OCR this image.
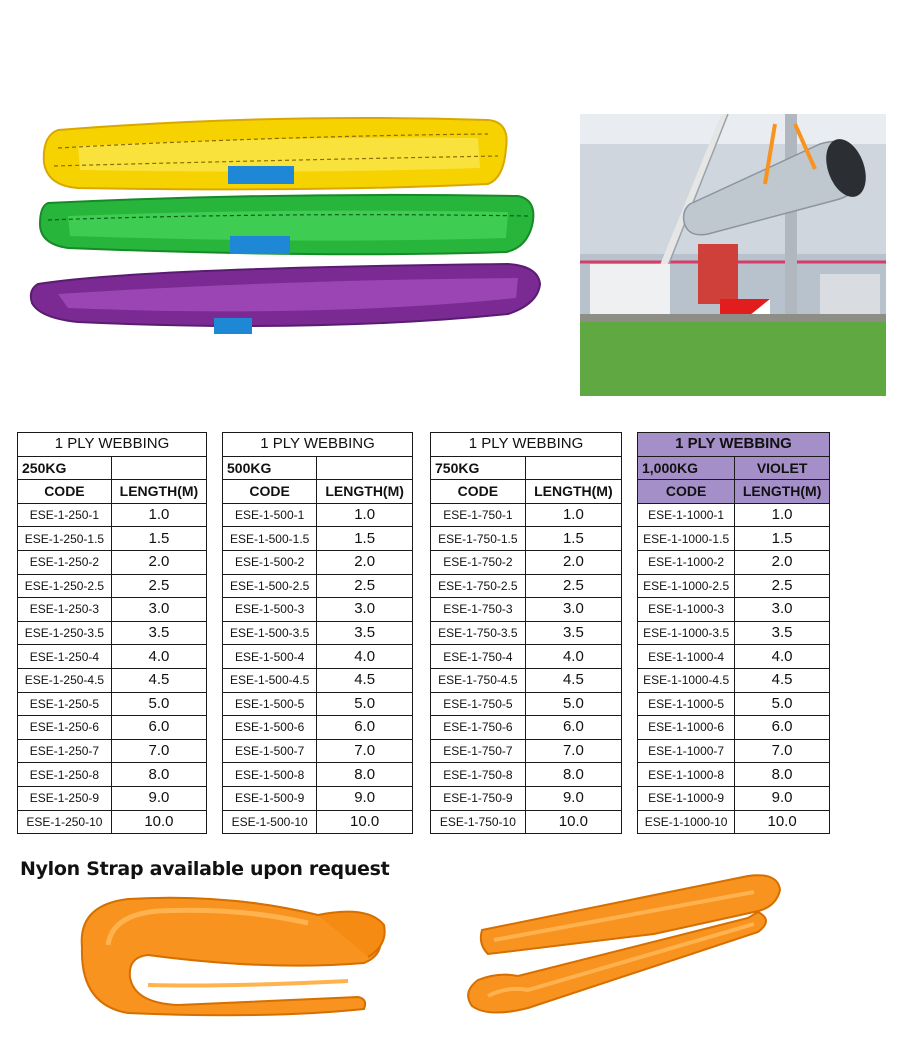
1 PLY WEBBING	
250KG	
CODE	LENGTH(M)
ESE-1-250-1	1.0
ESE-1-250-1.5	1.5
ESE-1-250-2	2.0
ESE-1-250-2.5	2.5
ESE-1-250-3	3.0
ESE-1-250-3.5	3.5
ESE-1-250-4	4.0
ESE-1-250-4.5	4.5
ESE-1-250-5	5.0
ESE-1-250-6	6.0
ESE-1-250-7	7.0
ESE-1-250-8	8.0
ESE-1-250-9	9.0
ESE-1-250-10	10.0
1 PLY WEBBING	
500KG	
CODE	LENGTH(M)
ESE-1-500-1	1.0
ESE-1-500-1.5	1.5
ESE-1-500-2	2.0
ESE-1-500-2.5	2.5
ESE-1-500-3	3.0
ESE-1-500-3.5	3.5
ESE-1-500-4	4.0
ESE-1-500-4.5	4.5
ESE-1-500-5	5.0
ESE-1-500-6	6.0
ESE-1-500-7	7.0
ESE-1-500-8	8.0
ESE-1-500-9	9.0
ESE-1-500-10	10.0
1 PLY WEBBING	
750KG	
CODE	LENGTH(M)
ESE-1-750-1	1.0
ESE-1-750-1.5	1.5
ESE-1-750-2	2.0
ESE-1-750-2.5	2.5
ESE-1-750-3	3.0
ESE-1-750-3.5	3.5
ESE-1-750-4	4.0
ESE-1-750-4.5	4.5
ESE-1-750-5	5.0
ESE-1-750-6	6.0
ESE-1-750-7	7.0
ESE-1-750-8	8.0
ESE-1-750-9	9.0
ESE-1-750-10	10.0
1 PLY WEBBING	
1,000KG	VIOLET
CODE	LENGTH(M)
ESE-1-1000-1	1.0
ESE-1-1000-1.5	1.5
ESE-1-1000-2	2.0
ESE-1-1000-2.5	2.5
ESE-1-1000-3	3.0
ESE-1-1000-3.5	3.5
ESE-1-1000-4	4.0
ESE-1-1000-4.5	4.5
ESE-1-1000-5	5.0
ESE-1-1000-6	6.0
ESE-1-1000-7	7.0
ESE-1-1000-8	8.0
ESE-1-1000-9	9.0
ESE-1-1000-10	10.0

Nylon Strap available upon request
